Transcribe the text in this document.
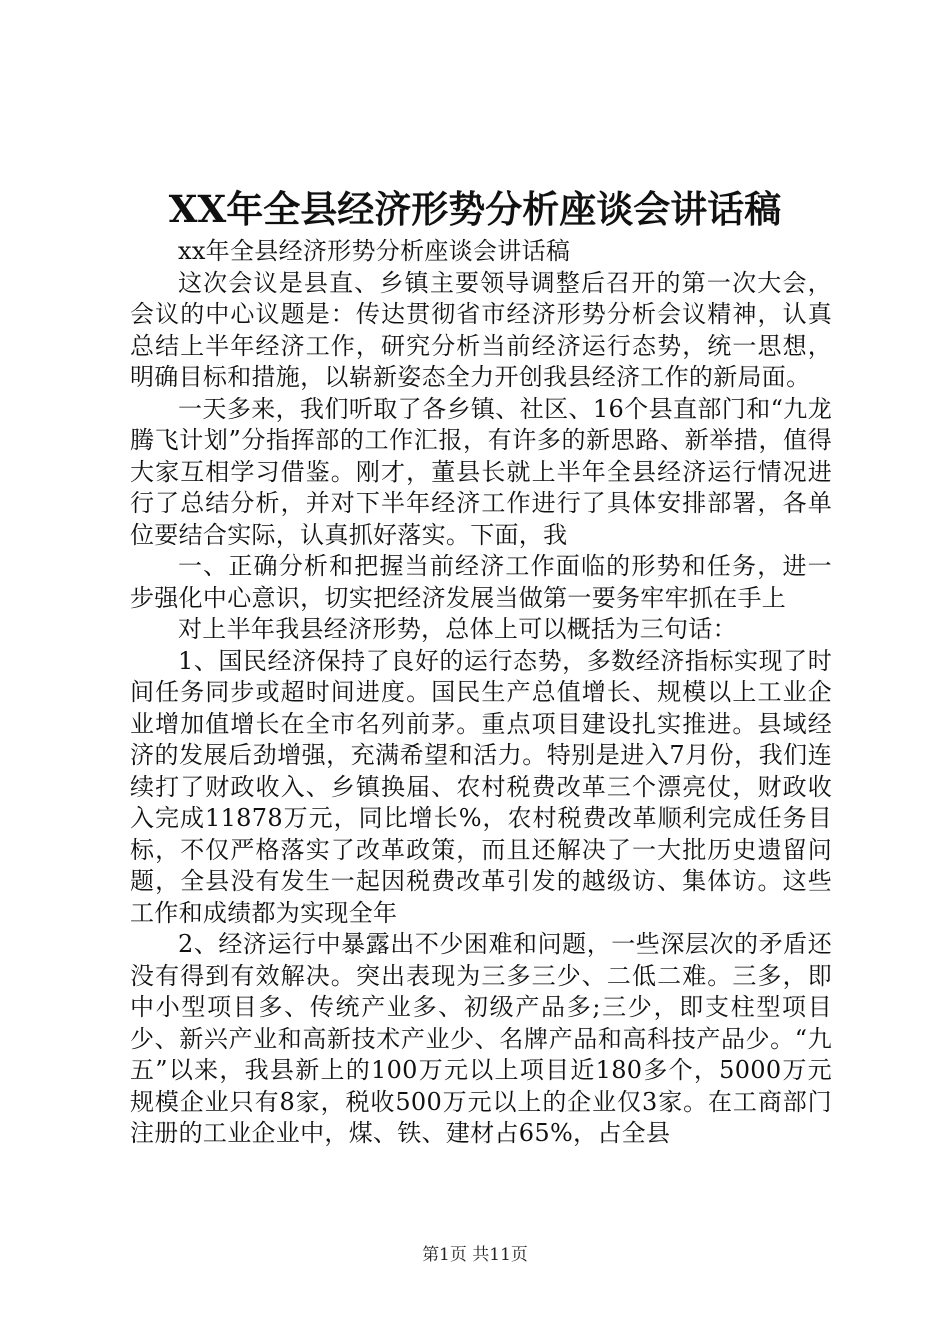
XX年全县经济形势分析座谈会讲话稿

xx年全县经济形势分析座谈会讲话稿

这次会议是县直、乡镇主要领导调整后召开的第一次大会，会议的中心议题是：传达贯彻省市经济形势分析会议精神，认真总结上半年经济工作，研究分析当前经济运行态势，统一思想，明确目标和措施，以崭新姿态全力开创我县经济工作的新局面。

一天多来，我们听取了各乡镇、社区、16个县直部门和“九龙腾飞计划”分指挥部的工作汇报，有许多的新思路、新举措，值得大家互相学习借鉴。刚才，董县长就上半年全县经济运行情况进行了总结分析，并对下半年经济工作进行了具体安排部署，各单位要结合实际，认真抓好落实。下面，我

一、正确分析和把握当前经济工作面临的形势和任务，进一步强化中心意识，切实把经济发展当做第一要务牢牢抓在手上

对上半年我县经济形势，总体上可以概括为三句话：

1、国民经济保持了良好的运行态势，多数经济指标实现了时间任务同步或超时间进度。国民生产总值增长、规模以上工业企业增加值增长在全市名列前茅。重点项目建设扎实推进。县域经济的发展后劲增强，充满希望和活力。特别是进入7月份，我们连续打了财政收入、乡镇换届、农村税费改革三个漂亮仗，财政收入完成11878万元，同比增长%，农村税费改革顺利完成任务目标，不仅严格落实了改革政策，而且还解决了一大批历史遗留问题，全县没有发生一起因税费改革引发的越级访、集体访。这些工作和成绩都为实现全年

2、经济运行中暴露出不少困难和问题，一些深层次的矛盾还没有得到有效解决。突出表现为三多三少、二低二难。三多，即中小型项目多、传统产业多、初级产品多;三少，即支柱型项目少、新兴产业和高新技术产业少、名牌产品和高科技产品少。“九五”以来，我县新上的100万元以上项目近180多个，5000万元规模企业只有8家，税收500万元以上的企业仅3家。在工商部门注册的工业企业中，煤、铁、建材占65%，占全县

第1页 共11页
